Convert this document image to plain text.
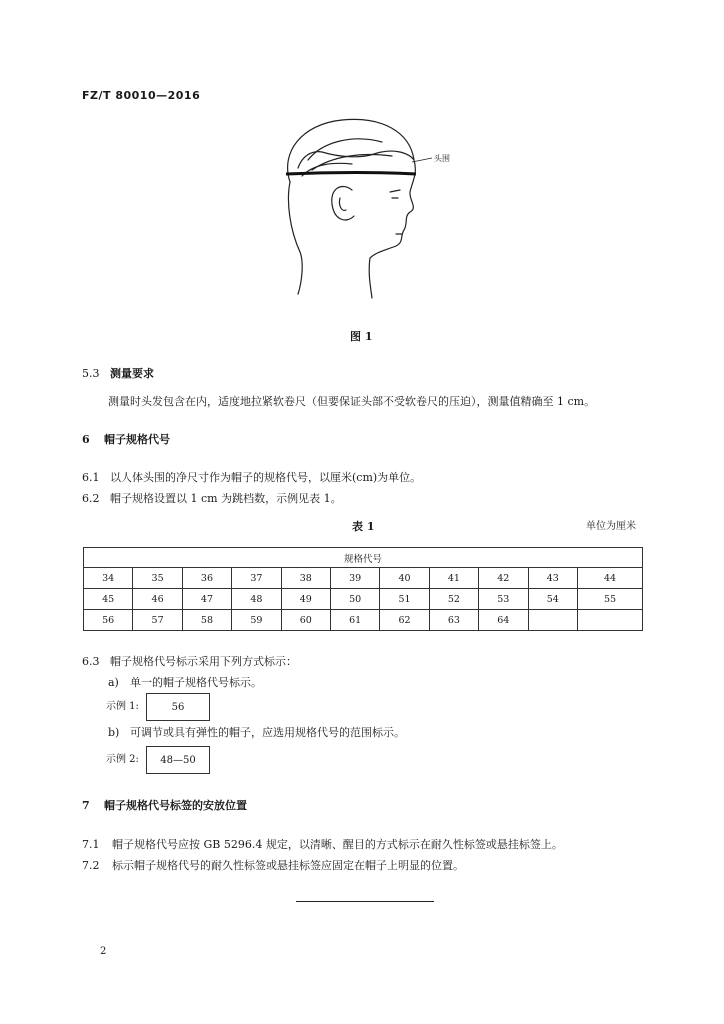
FZ/T 80010—2016
头围
图 1
5.3 测量要求
测量时头发包含在内，适度地拉紧软卷尺（但要保证头部不受软卷尺的压迫），测量值精确至 1 cm。
6 帽子规格代号
6.1 以人体头围的净尺寸作为帽子的规格代号，以厘米(cm)为单位。
6.2 帽子规格设置以 1 cm 为跳档数，示例见表 1。
表 1	单位为厘米
规格代号										
34	35	36	37	38	39	40	41	42	43	44
45	46	47	48	49	50	51	52	53	54	55
56	57	58	59	60	61	62	63	64		
6.3 帽子规格代号标示采用下列方式标示：
a) 单一的帽子规格代号标示。
示例 1:	56
b) 可调节或具有弹性的帽子，应选用规格代号的范围标示。
示例 2:	48—50
7 帽子规格代号标签的安放位置
7.1 帽子规格代号应按 GB 5296.4 规定，以清晰、醒目的方式标示在耐久性标签或悬挂标签上。
7.2 标示帽子规格代号的耐久性标签或悬挂标签应固定在帽子上明显的位置。
2
